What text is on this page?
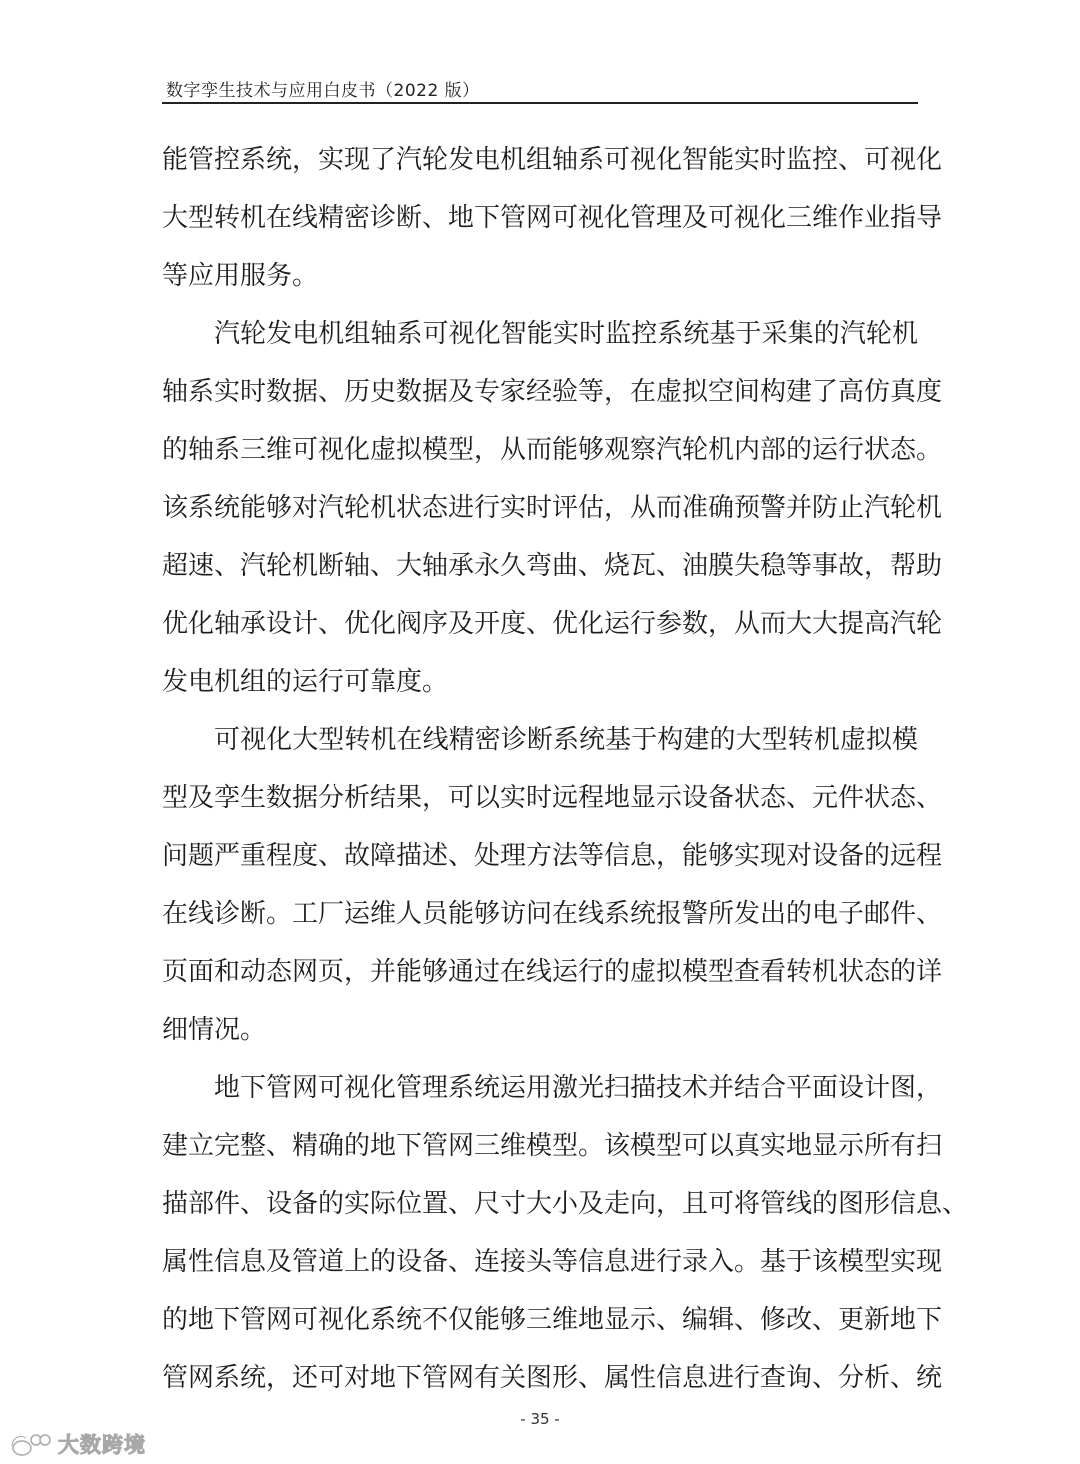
数字孪生技术与应用白皮书（2022 版）
能管控系统，实现了汽轮发电机组轴系可视化智能实时监控、可视化
大型转机在线精密诊断、地下管网可视化管理及可视化三维作业指导
等应用服务。
汽轮发电机组轴系可视化智能实时监控系统基于采集的汽轮机
轴系实时数据、历史数据及专家经验等，在虚拟空间构建了高仿真度
的轴系三维可视化虚拟模型，从而能够观察汽轮机内部的运行状态。
该系统能够对汽轮机状态进行实时评估，从而准确预警并防止汽轮机
超速、汽轮机断轴、大轴承永久弯曲、烧瓦、油膜失稳等事故，帮助
优化轴承设计、优化阀序及开度、优化运行参数，从而大大提高汽轮
发电机组的运行可靠度。
可视化大型转机在线精密诊断系统基于构建的大型转机虚拟模
型及孪生数据分析结果，可以实时远程地显示设备状态、元件状态、
问题严重程度、故障描述、处理方法等信息，能够实现对设备的远程
在线诊断。工厂运维人员能够访问在线系统报警所发出的电子邮件、
页面和动态网页，并能够通过在线运行的虚拟模型查看转机状态的详
细情况。
地下管网可视化管理系统运用激光扫描技术并结合平面设计图，
建立完整、精确的地下管网三维模型。该模型可以真实地显示所有扫
描部件、设备的实际位置、尺寸大小及走向，且可将管线的图形信息、
属性信息及管道上的设备、连接头等信息进行录入。基于该模型实现
的地下管网可视化系统不仅能够三维地显示、编辑、修改、更新地下
管网系统，还可对地下管网有关图形、属性信息进行查询、分析、统
- 35 -
大数跨境
